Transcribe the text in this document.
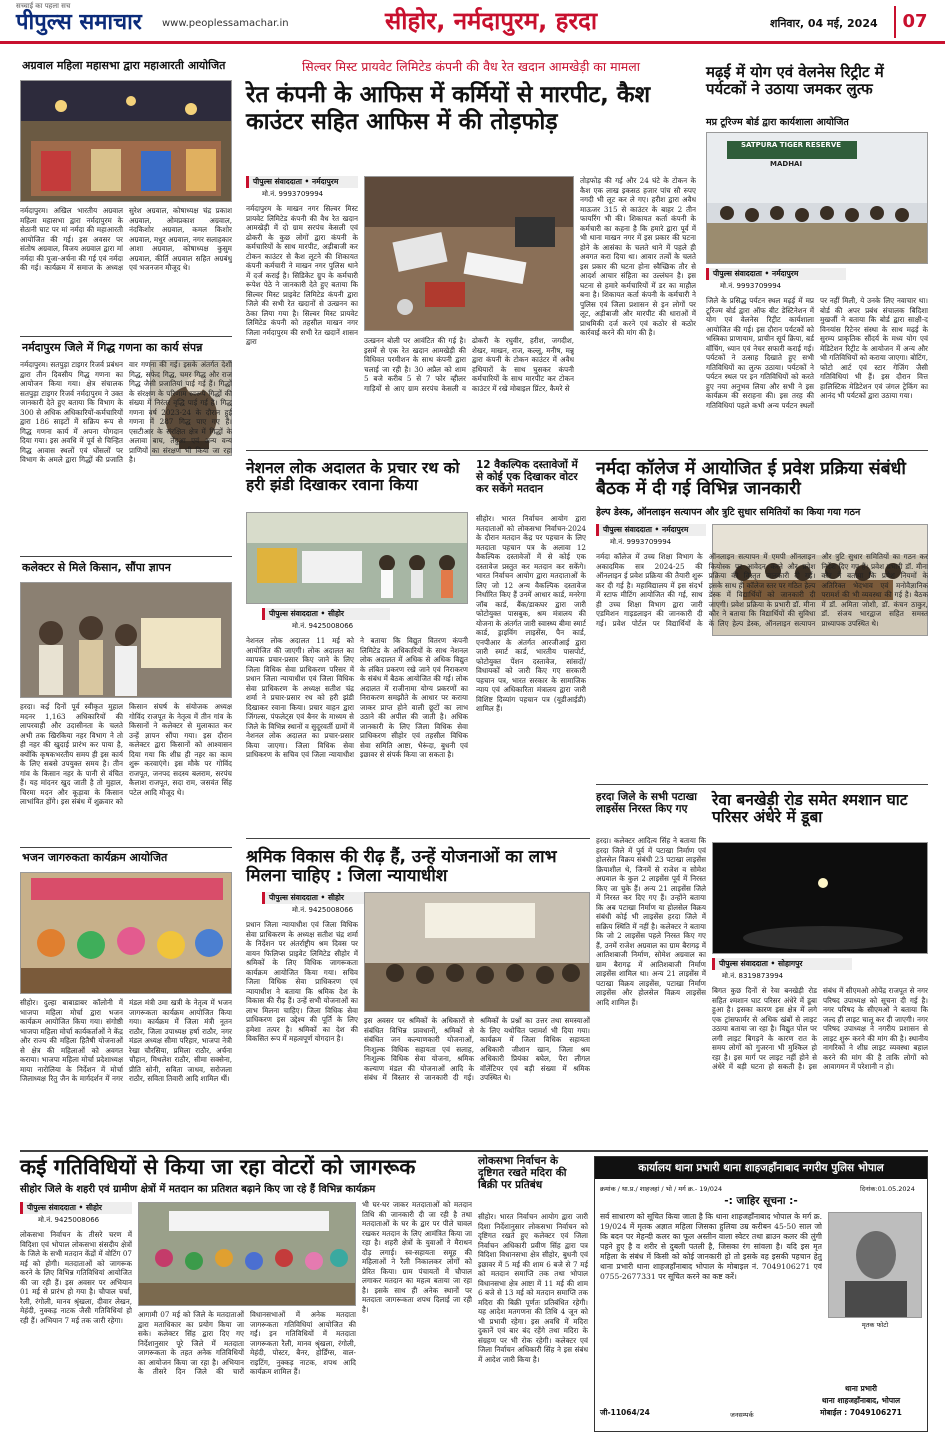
सच्चाई का पहला सच
पीपुल्स समाचार www.peoplessamachar.in	सीहोर, नर्मदापुरम, हरदा	शनिवार, 04 मई, 2024	07
अग्रवाल महिला महासभा द्वारा महाआरती आयोजित
नर्मदापुरम। अखिल भारतीय अग्रवाल महिला महासभा द्वारा नर्मदापुरम के सेठानी घाट पर मां नर्मदा की महाआरती आयोजित की गई। इस अवसर पर संतोष अग्रवाल, विजय अग्रवाल द्वारा मां नर्मदा की पूजा-अर्चना की गई एवं नर्मदा की गई। कार्यक्रम में समाज के अध्यक्ष सुरेश अग्रवाल, कोषाध्यक्ष चंद्र प्रकाश अग्रवाल, ओमप्रकाश अग्रवाल, नंदकिशोर अग्रवाल, कमल किशोर अग्रवाल, मधुर अग्रवाल, नगर सलाहकार आशा अग्रवाल, कोषाध्यक्ष कुसुम अग्रवाल, कीर्ति अग्रवाल सहित अग्रबंधु एवं भजनजन मौजूद थे।
नर्मदापुरम जिले में गिद्ध गणना का कार्य संपन्न
नर्मदापुरम। सतपुड़ा टाइगर रिजर्व प्रबंधन द्वारा तीन दिवसीय गिद्ध गणना का आयोजन किया गया। क्षेत्र संचालक सतपुड़ा टाइगर रिजर्व नर्मदापुरम ने उक्त जानकारी देते हुए बताया कि विभाग के 300 से अधिक अधिकारियों-कर्मचारियों द्वारा 186 साइटों में सक्रिय रूप से गिद्ध गणना कार्य में अपना योगदान दिया गया। इस अवधि में पूर्व से चिन्हित गिद्ध आवास स्थलों एवं घोंसलों पर विभाग के अमले द्वारा गिद्धों की प्रजाति वार गणना की गई। इसके अंतर्गत देशी गिद्ध, सफेद गिद्ध, चमर गिद्ध और राज गिद्ध जैसी प्रजातियां पाई गई हैं। गिद्धों के संरक्षण के परिणाम स्वरूप गिद्धों की संख्या में निरंतर वृद्धि पाई गई है। गिद्ध गणना वर्ष 2023-24 के दौरान हुई गणना में 287 गिद्ध पाए गए हैं। एसटीआर के संरक्षित क्षेत्र में गिद्धों के अलावा बाघ, तेंदुआ एवं अन्य वन्य प्राणियों का संरक्षण भी किया जा रहा है।
कलेक्टर से मिले किसान, सौंपा ज्ञापन
हरदा। कई दिनों पूर्व स्वीकृत मुहाल मदनर 1,163 अधिकारियों की लापरवाही और उदासीनता के चलते अभी तक खिरकिया नहर विभाग ने तो ही नहर की खुदाई प्रारंभ कर पाया है, क्योंकि कृषकभरतीय समय ही इस कार्य के लिए सबसे उपयुक्त समय है। तीन गांव के किसान नहर के पानी से वंचित हैं। यह मांदनर खुद जाती है तो मुहाल, चिरमा मदन और कूड़ावा के किसान लाभांवित होंगे। इस संबंध में शुक्रवार को किसान संघर्ष के संयोजक अध्यक्ष गोविंद राजपूत के नेतृत्व में तीन गांव के किसानों ने कलेक्टर से मुलाकात कर उन्हें ज्ञापन सौंपा गया। इस दौरान कलेक्टर द्वारा किसानों को आश्वासन दिया गया कि शीघ्र ही नहर का काम शुरू करवाएंगे। इस मौके पर गोविंद राजपूत, जनपद सदस्य बलराम, सरपंच कैलाश राजपूत, सदा राम, जसवंत सिंह पटेल आदि मौजूद थे।
भजन जागरुकता कार्यक्रम आयोजित
सीहोर। दुल्हा बाबाडाबर कॉलोनी में भाजपा महिला मोर्चा द्वारा भजन कार्यक्रम आयोजित किया गया। संगोष्ठी भाजपा महिला मोर्चा कार्यकर्ताओं ने केंद्र और राज्य की महिला हितैषी योजनाओं से क्षेत्र की महिलाओं को अवगत कराया। भाजपा महिला मोर्चा प्रदेशाध्यक्ष माया नारोलिया के निर्देशन में मोर्चा जिलाध्यक्ष रितु जैन के मार्गदर्शन में नगर मंडल मंत्री उमा खत्री के नेतृत्व में भजन जागरूकता कार्यक्रम आयोजित किया गया। कार्यक्रम में जिला मंत्री नूतन राठौर, जिला उपाध्यक्ष हर्षा राठौर, नगर मंडल अध्यक्ष सीमा परिहार, भाजपा नेत्री रेखा चौरसिया, प्रमिला राठौर, अर्चना चौहान, मिथलेश राठौर, सीमा सक्सेना, प्रीति सोनी, सविता जाधव, सरोजला राठौर, सविता तिवारी आदि शामिल थीं।
सिल्वर मिस्ट प्रायवेट लिमिटेड कंपनी की वैध रेत खदान आमखेड़ी का मामला
रेत कंपनी के आफिस में कर्मियों से मारपीट, कैश काउंटर सहित आफिस में की तोड़फोड़
पीपुल्स संवाददाता • नर्मदापुरम
मो.नं. 9993709994
नर्मदापुरम के माखन नगर सिल्वर मिस्ट प्रायवेट लिमिटेड कंपनी की वैध रेत खदान आमखेड़ी में दो ग्राम सरपंच केसली एवं ढोकरी के कुछ लोगों द्वारा कंपनी के कर्मचारियों के साथ मारपीट, अड़ीबाजी कर टोकन काउंटर से कैश लूटने की शिकायत कंपनी कर्मचारी ने माखन नगर पुलिस थाने में दर्ज कराई है। सिडिकेट ग्रुप के कर्मचारी रूपेश पेठे ने जानकारी देते हुए बताया कि सिल्वर मिस्ट प्राइवेट लिमिटेड कंपनी द्वारा जिले की सभी रेत खदानों से उत्खनन का ठेका लिया गया है। सिल्वर मिस्ट प्रायवेट लिमिटेड कंपनी को तहसील माखन नगर जिला नर्मदापुरम की सभी रेत खदानें शासन द्वारा	उत्खनन बोली पर आवंटित की गई है। इसमें से एक रेत खदान आमखेड़ी की विधिवत परमीशन के साथ कंपनी द्वारा चलाई जा रही है। 30 अप्रैल को शाम 5 बजे करीब 5 से 7 फोर व्हीलर गाड़ियों से आए ग्राम सरपंच केसली व ढोकरी के रघुवीर, हरीश, जगदीश, शेखर, माखन, राज, कल्लू, मनीष, मन्नू द्वारा कंपनी के टोकन काउंटर में अवैध हथियारों के साथ घुसकर कंपनी कर्मचारियों के साथ मारपीट कर टोकन काउंटर में रखे मोबाइल प्रिंटर, कैमरे से
तोड़फोड़ की गई और 24 घंटे के टोकन के कैश एक लाख इकसठ हजार पांच सौ रुपए नगदी भी लूट कर ले गए। हरीश द्वारा अवैध माऊजर 315 से काउंटर के बाहर 2 तीन फायरिंग भी की। शिकायत कर्ता कंपनी के कर्मचारी का कहना है कि हमारे द्वारा पूर्व में भी थाना माखन नगर में इस प्रकार की घटना होने के आसंका के चलते थाने में पहले ही अवगत करा दिया था। आवार तत्वों के चलते इस प्रकार की घटना होना स्वैच्छिक तौर से आदर्श आचार संहिता का उल्लंघन है। इस घटना से हमारे कर्मचारियों में डर का माहौल बना है। शिकायत कर्ता कंपनी के कर्मचारी ने पुलिस एवं जिला प्रशासन से इन लोगों पर लूट, अड़ीबाजी और मारपीट की धाराओं में प्राथमिकी दर्ज करने एवं कठोर से कठोर कार्रवाई करने की मांग की है।
नेशनल लोक अदालत के प्रचार रथ को हरी झंडी दिखाकर रवाना किया
पीपुल्स संवाददाता • सीहोर
मो.नं. 9425008066
नेशनल लोक अदालत 11 मई को आयोजित की जाएगी। लोक अदालत का व्यापक प्रचार-प्रसार किए जाने के लिए जिला विधिक सेवा प्राधिकरण परिसर में प्रधान जिला न्यायाधीश एवं जिला विधिक सेवा प्राधिकरण के अध्यक्ष सतीश चंद्र शर्मा ने प्रचार-प्रसार रथ को हरी झंडी दिखाकर रवाना किया। प्रचार वाहन द्वारा जिंगल्स, पंफलेट्स एवं बैनर के माध्यम से जिले के विभिन्न स्थानों व सुदूरवर्ती ग्रामों में नेशनल लोक अदालत का प्रचार-प्रसार किया जाएगा। जिला विधिक सेवा प्राधिकरण के सचिव एवं जिला न्यायाधीश ने बताया कि विद्युत वितरण कंपनी लिमिटेड के अधिकारियों के साथ नेशनल लोक अदालत में अधिक से अधिक विद्युत के लंबित प्रकरण रखे जाने एवं निराकरण के संबंध में बैठक आयोजित की गई। लोक अदालत में राजीनामा योग्य प्रकरणों का निराकरण समझौते के आधार पर कराया जाकर प्राप्त होने वाली छूटों का लाभ उठाने की अपील की जाती है। अधिक जानकारी के लिए जिला विधिक सेवा प्राधिकरण सीहोर एवं तहसील विधिक सेवा समिति आष्टा, भैरूंदा, बुधनी एवं इछावर से संपर्क किया जा सकता है।
12 वैकल्पिक दस्तावेजों में से कोई एक दिखाकर वोटर कर सकेंगे मतदान
सीहोर। भारत निर्वाचन आयोग द्वारा मतदाताओं को लोकसभा निर्वाचन-2024 के दौरान मतदान केंद्र पर पहचान के लिए मतदाता पहचान पत्र के अलावा 12 वैकल्पिक दस्तावेजों में से कोई एक दस्तावेज प्रस्तुत कर मतदान कर सकेंगे। भारत निर्वाचन आयोग द्वारा मतदाताओं के लिए जो 12 अन्य वैकल्पिक दस्तावेज निर्धारित किए हैं उनमें आधार कार्ड, मनरेगा जॉब कार्ड, बैंक/डाकघर द्वारा जारी फोटोयुक्त पासबुक, श्रम मंत्रालय की योजना के अंतर्गत जारी स्वास्थ्य बीमा स्मार्ट कार्ड, ड्राइविंग लाइसेंस, पैन कार्ड, एनपीआर के अंतर्गत आरजीआई द्वारा जारी स्मार्ट कार्ड, भारतीय पासपोर्ट, फोटोयुक्त पेंशन दस्तावेज, सांसदों/विधायकों को जारी किए गए सरकारी पहचान पत्र, भारत सरकार के सामाजिक न्याय एवं अधिकारिता मंत्रालय द्वारा जारी विशिष्ट दिव्यांग पहचान पत्र (यूडीआईडी) शामिल हैं।
श्रमिक विकास की रीढ़ हैं, उन्हें योजनाओं का लाभ मिलना चाहिए : जिला न्यायाधीश
पीपुल्स संवाददाता • सीहोर
मो.नं. 9425008066
प्रधान जिला न्यायाधीश एवं जिला विधिक सेवा प्राधिकरण के अध्यक्ष सतीश चंद्र शर्मा के निर्देशन पर अंतर्राष्ट्रीय श्रम दिवस पर वायन फिलिप्स प्राइवेट लिमिटेड सीहोर में श्रमिकों के लिए विधिक जागरूकता कार्यक्रम आयोजित किया गया। सचिव जिला विधिक सेवा प्राधिकरण एवं न्यायाधीश ने बताया कि श्रमिक देश के विकास की रीढ़ हैं। उन्हें सभी योजनाओं का लाभ मिलना चाहिए। जिला विधिक सेवा प्राधिकरण इस उद्देश्य की पूर्ति के लिए हमेशा तत्पर है। श्रमिकों का देश की विकसित रूप में महत्वपूर्ण योगदान है।
इस अवसर पर श्रमिकों के अधिकारों से संबंधित विभिन्न प्रावधानों, श्रमिकों से संबंधित जन कल्याणकारी योजनाओं, निःशुल्क विधिक सहायता एवं सलाह, निःशुल्क विधिक सेवा योजना, श्रमिक कल्याण मंडल की योजनाओं आदि के संबंध में विस्तार से जानकारी दी गई। श्रमिकों के प्रश्नों का उत्तर तथा समस्याओं के लिए यथोचित परामर्श भी दिया गया। कार्यक्रम में जिला विधिक सहायता अधिकारी जीशान खान, जिला श्रम अधिकारी प्रियंका बघेल, पैरा लीगल वॉलेंटियर एवं बड़ी संख्या में श्रमिक उपस्थित थे।
मढ़ई में योग एवं वेलनेस रिट्रीट में पर्यटकों ने उठाया जमकर लुत्फ
मप्र टूरिज्म बोर्ड द्वारा कार्यशाला आयोजित
SATPURA TIGER RESERVE
MADHAI
पीपुल्स संवाददाता • नर्मदापुरम
मो.नं. 9993709994
जिले के प्रसिद्ध पर्यटन स्थल मढ़ई में मप्र टूरिज्म बोर्ड द्वारा ऑफ बीट डेस्टिनेशन में योग एवं वेलनेस रिट्रीट कार्यशाला आयोजित की गई। इस दौरान पर्यटकों को भस्त्रिका प्राणायाम, प्राचीन सूर्य क्रिया, बर्ड वॉचिंग, ध्यान एवं नेचर सफारी कराई गई। पर्यटकों ने उत्साह दिखाते हुए सभी गतिविधियों का लुत्फ उठाया। पर्यटकों ने पर्यटन स्थल पर इन गतिविधियों को करते हुए नया अनुभव लिया और सभी ने इस कार्यक्रम की सराहना की। इस तरह की गतिविधियां पहले कभी अन्य पर्यटन स्थलों पर नहीं मिली, ये उनके लिए नवाचार था। बोर्ड की अपर प्रबंध संचालक बिदिशा मुखर्जी ने बताया कि बोर्ड द्वारा साक्षी-द विनयांस रिटेनर संस्था के साथ मढ़ई के सुरम्य प्राकृतिक सौंदर्य के मध्य योग एवं मेडिटेशन रिट्रीट के आयोजन में अन्य और भी गतिविधियों को कराया जाएगा। बोटिंग, फोटो आर्ट एवं स्टार गेजिंग जैसी गतिविधियां भी हैं। इस दौरान वित्त हालिस्टिक मेडिटेशन एवं जंगल ट्रेकिंग का आनंद भी पर्यटकों द्वारा उठाया गया।
नर्मदा कॉलेज में आयोजित ई प्रवेश प्रक्रिया संबंधी बैठक में दी गई विभिन्न जानकारी
हेल्प डेस्क, ऑनलाइन सत्यापन और त्रुटि सुधार समितियों का किया गया गठन
पीपुल्स संवाददाता • नर्मदापुरम
मो.नं. 9993709994
नर्मदा कॉलेज में उच्च शिक्षा विभाग के अकादमिक सत्र 2024-25 की ऑनलाइन ई प्रवेश प्रक्रिया की तैयारी शुरू कर दी गई है। महाविद्यालय में इस संदर्भ में स्टाफ मीटिंग आयोजित की गई, साथ ही उच्च शिक्षा विभाग द्वारा जारी एडमिशन गाइडलाइन की जानकारी दी गई। प्रवेश पोर्टल पर विद्यार्थियों के ऑनलाइन सत्यापन में एमपी ऑनलाइन कियोस्क पर आवेदन करने और प्रवेश प्रक्रिया की विस्तृत जानकारी दी गई। इसके साथ ही कॉलेज स्तर पर गठित हेल्प डेस्क में विद्यार्थियों को जानकारी दी जाएगी। प्रवेश प्रक्रिया के प्रभारी डॉ. मीना कौर ने बताया कि विद्यार्थियों की सुविधा के लिए हेल्प डेस्क, ऑनलाइन सत्यापन और त्रुटि सुधार समितियों का गठन कर निर्देश दिए गए हैं। प्रवेश प्रभारी डॉ. मीना कौर ने बताया कि प्रवेश नियमों के अतिरिक्त भेदभाव एवं मनोवैज्ञानिक परामर्श की भी व्यवस्था की गई है। बैठक में डॉ. अमिता जोशी, डॉ. कंचन ठाकुर, डॉ. संजय भारद्वाज सहित समस्त प्राध्यापक उपस्थित थे।
हरदा जिले के सभी पटाखा लाइसेंस निरस्त किए गए
हरदा। कलेक्टर आदित्य सिंह ने बताया कि हरदा जिले में पूर्व में पटाखा निर्माण एवं होलसेल विक्रय संबंधी 23 पटाखा लाइसेंस क्रियाशील थे, जिनमें से राजेश व सोमेश अग्रवाल के कुल 2 लाइसेंस पूर्व में निरस्त किए जा चुके हैं। अन्य 21 लाइसेंस जिले में निरस्त कर दिए गए हैं। उन्होंने बताया कि अब पटाखा निर्माण या होलसेल विक्रय संबंधी कोई भी लाइसेंस हरदा जिले में सक्रिय स्थिति में नहीं है। कलेक्टर ने बताया कि जो 2 लाइसेंस पहले निरस्त किए गए हैं, उनमें राजेश अग्रवाल का ग्राम बैरागढ़ में आतिशबाजी निर्माण, सोमेश अग्रवाल का ग्राम बैरागढ़ में आतिशबाजी निर्माण लाइसेंस शामिल था। अन्य 21 लाइसेंस में पटाखा विक्रय लाइसेंस, पटाखा निर्माण लाइसेंस और होलसेल विक्रय लाइसेंस आदि शामिल हैं।
रेवा बनखेड़ी रोड समेत श्मशान घाट परिसर अंधेरे में डूबा
पीपुल्स संवाददाता • सोहागपुर
मो.नं. 8319873994
बिगत कुछ दिनों से रेवा बनखेड़ी रोड सहित श्मशान घाट परिसर अंधेरे में डूबा हुआ है। इसका कारण इस क्षेत्र में लगे एक ट्रांसफार्मर से अधिक खंबों से लाइट उठाया बताया जा रहा है। विद्युत पोल पर लगी लाइट बिगड़ने के कारण रात के समय लोगों को गुजरना भी मुश्किल हो रहा है। इस मार्ग पर लाइट नहीं होने से अंधेरे में बड़ी घटना हो सकती है। इस संबंध में सीएमओ ओपेंद्र राजपूत से नगर परिषद उपाध्यक्ष को सूचना दी गई है। नगर परिषद के सीएमओ ने बताया कि जल्द ही लाइट चालू कर दी जाएगी। नगर परिषद उपाध्यक्ष ने नगरीय प्रशासन से लाइट शुरू करने की मांग की है। स्थानीय नागरिकों ने शीघ्र लाइट व्यवस्था बहाल करने की मांग की है ताकि लोगों को आवागमन में परेशानी न हो।
कई गतिविधियों से किया जा रहा वोटरों को जागरूक
सीहोर जिले के शहरी एवं ग्रामीण क्षेत्रों में मतदान का प्रतिशत बढ़ाने किए जा रहे हैं विभिन्न कार्यक्रम
पीपुल्स संवाददाता • सीहोर
मो.नं. 9425008066
लोकसभा निर्वाचन के तीसरे चरण में विदिशा एवं भोपाल लोकसभा संसदीय क्षेत्रों के जिले के सभी मतदान केंद्रों में वोटिंग 07 मई को होगी। मतदाताओं को जागरूक करने के लिए विभिन्न गतिविधियां आयोजित की जा रही हैं। इस अवसर पर अभियान 01 मई से प्रारंभ हो गया है। चौपाल चर्चा, रैली, रंगोली, मानव श्रृंखला, दीवार लेखन, मेहंदी, नुक्कड़ नाटक जैसी गतिविधियां हो रही हैं। अभियान 7 मई तक जारी रहेगा।
आगामी 07 मई को जिले के मतदाताओं द्वारा मताधिकार का प्रयोग किया जा सके। कलेक्टर सिंह द्वारा दिए गए निर्देशानुसार पूरे जिले में मतदाता जागरूकता के तहत अनेक गतिविधियों का आयोजन किया जा रहा है। अभियान के तीसरे दिन जिले की चारों विधानसभाओं में अनेक मतदाता जागरूकता गतिविधियां आयोजित की गईं। इन गतिविधियों में मतदाता जागरूकता रैली, मानव श्रृंखला, रंगोली, मेहंदी, पोस्टर, बैनर, होर्डिंग्स, वाल-राइटिंग, नुक्कड़ नाटक, शपथ आदि कार्यक्रम शामिल हैं।
भी घर-घर जाकर मतदाताओं को मतदान तिथि की जानकारी दी जा रही है तथा मतदाताओं के घर के द्वार पर पीले चावल रखकर मतदान के लिए आमंत्रित किया जा रहा है। शहरी क्षेत्रों के युवाओं ने मैराथन दौड़ लगाई। स्व-सहायता समूह की महिलाओं ने रैली निकालकर लोगों को प्रेरित किया। ग्राम पंचायतों में चौपाल लगाकर मतदान का महत्व बताया जा रहा है। इसके साथ ही अनेक स्थानों पर मतदाता जागरूकता शपथ दिलाई जा रही है।
लोकसभा निर्वाचन के दृष्टिगत रखते मदिरा की बिक्री पर प्रतिबंध
सीहोर। भारत निर्वाचन आयोग द्वारा जारी दिशा निर्देशानुसार लोकसभा निर्वाचन को दृष्टिगत रखते हुए कलेक्टर एवं जिला निर्वाचन अधिकारी प्रवीण सिंह द्वारा पत्र विदिशा विधानसभा क्षेत्र सीहोर, बुधनी एवं इछावर में 5 मई की शाम 6 बजे से 7 मई को मतदान समाप्ति तक तथा भोपाल विधानसभा क्षेत्र आष्टा में 11 मई की शाम 6 बजे से 13 मई को मतदान समाप्ति तक मदिरा की बिक्री पूर्णतः प्रतिबंधित रहेगी। यह आदेश मतगणना की तिथि 4 जून को भी प्रभावी रहेगा। इस अवधि में मदिरा दुकानें एवं बार बंद रहेंगे तथा मदिरा के संग्रहण पर भी रोक रहेगी। कलेक्टर एवं जिला निर्वाचन अधिकारी सिंह ने इस संबंध में आदेश जारी किया है।
कार्यालय थाना प्रभारी थाना शाहजहाँनाबाद नगरीय पुलिस भोपाल
क्रमांक / था.प्र./ शाहजहां / भो / मर्ग क्र.- 19/024	दिनांक:01.05.2024
-: जाहिर सूचना :-
सर्व साधारण को सूचित किया जाता है कि थाना शाहजहाँनाबाद भोपाल के मर्ग क्र. 19/024 में मृतक अज्ञात महिला जिसका हुलिया उम्र करीबन 45-50 साल जो कि बदन पर मेहन्दी कलर का फूल अस्तीन वाला स्वेटर तथा ब्राउन कलर की लुंगी पहने हुए है व शरीर से दुबली पतली है, जिसका रंग सांवला है। यदि इस मृत महिला के संबंध में किसी को कोई जानकारी हो तो इसके वह इसकी पहचान हेतु थाना प्रभारी थाना शाहजहाँनाबाद भोपाल के मोबाइल नं. 7049106271 एवं 0755-2677331 पर सूचित करने का कष्ट करें।
मृतक फोटो
थाना प्रभारी
थाना शाहजहाँनाबाद, भोपाल
मोबाईल : 7049106271
जी-11064/24	जनसम्पर्क
